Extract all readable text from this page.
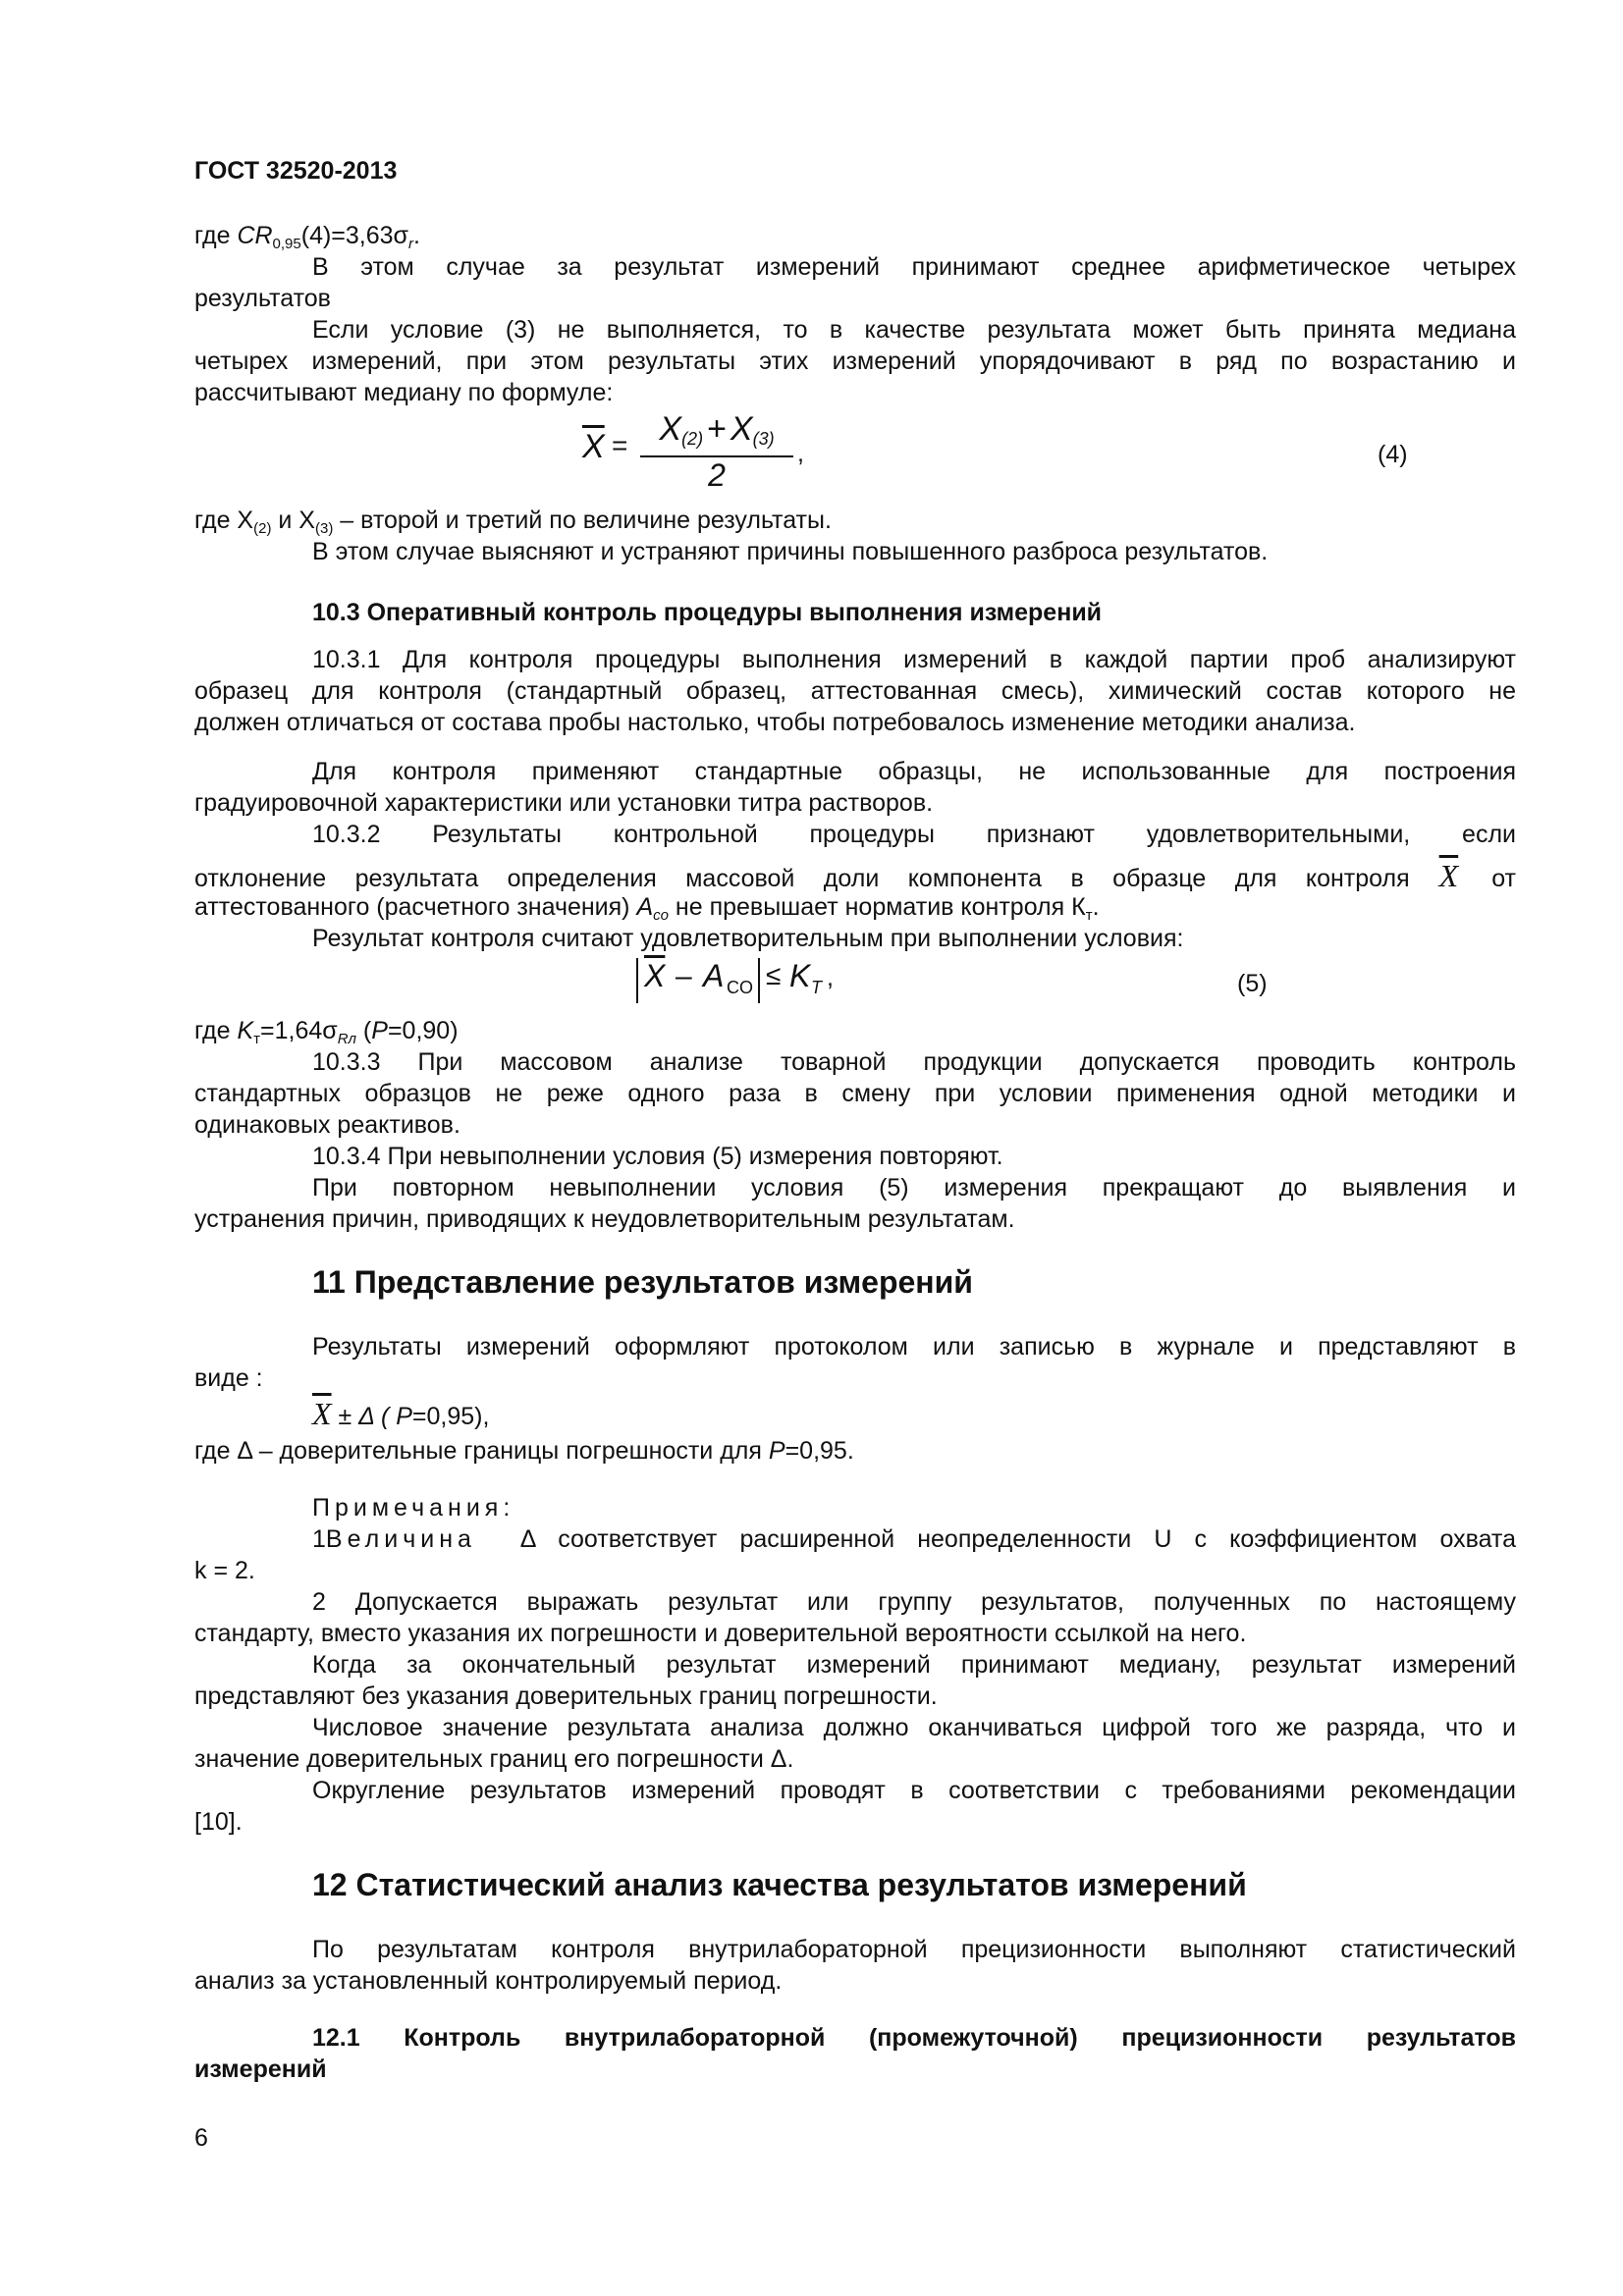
ГОСТ 32520-2013
где $CR_{0,95}(4)=3,63\sigma_r$.
В этом случае за результат измерений принимают среднее арифметическое четырех
результатов
Если условие (3) не выполняется, то в качестве результата может быть принята медиана
четырех измерений, при этом результаты этих измерений упорядочивают в ряд по возрастанию и
рассчитывают медиану по формуле:
$\overline{X} = X_{(2)} + X_{(3)}$
2
,	(4)
где $X_{(2)}$ и $X_{(3)}$ – второй и третий по величине результаты.
В этом случае выясняют и устраняют причины повышенного разброса результатов.
10.3 Оперативный контроль процедуры выполнения измерений
10.3.1 Для контроля процедуры выполнения измерений в каждой партии проб анализируют
образец для контроля (стандартный образец, аттестованная смесь), химический состав которого не
должен отличаться от состава пробы настолько, чтобы потребовалось изменение методики анализа.
Для контроля применяют стандартные образцы, не использованные для построения
градуировочной характеристики или установки титра растворов.
10.3.2 Результаты контрольной процедуры признают удовлетворительными, если
отклонение результата определения массовой доли компонента в образце для контроля $\overline{X}$ от
аттестованного (расчетного значения) $A_{co}$ не превышает норматив контроля $К_т$.
Результат контроля считают удовлетворительным при выполнении условия:
$\overline{X}$ – A CO ≤ K T ,	(5)
где $K_т=1,64\sigma_{Rл}$ (P=0,90)
10.3.3 При массовом анализе товарной продукции допускается проводить контроль
стандартных образцов не реже одного раза в смену при условии применения одной методики и
одинаковых реактивов.
10.3.4 При невыполнении условия (5) измерения повторяют.
При повторном невыполнении условия (5) измерения прекращают до выявления и
устранения причин, приводящих к неудовлетворительным результатам.
11 Представление результатов измерений
Результаты измерений оформляют протоколом или записью в журнале и представляют в
виде :
$\overline{X} \pm \Delta$ ( P=0,95),
где Δ – доверительные границы погрешности для P=0,95.
Примечания:
1 Величина Δ соответствует расширенной неопределенности U с коэффициентом охвата
k = 2.
2 Допускается выражать результат или группу результатов, полученных по настоящему
стандарту, вместо указания их погрешности и доверительной вероятности ссылкой на него.
Когда за окончательный результат измерений принимают медиану, результат измерений
представляют без указания доверительных границ погрешности.
Числовое значение результата анализа должно оканчиваться цифрой того же разряда, что и
значение доверительных границ его погрешности Δ.
Округление результатов измерений проводят в соответствии с требованиями рекомендации
[10].
12 Статистический анализ качества результатов измерений
По результатам контроля внутрилабораторной прецизионности выполняют статистический
анализ за установленный контролируемый период.
12.1 Контроль внутрилабораторной (промежуточной) прецизионности результатов
измерений
6
